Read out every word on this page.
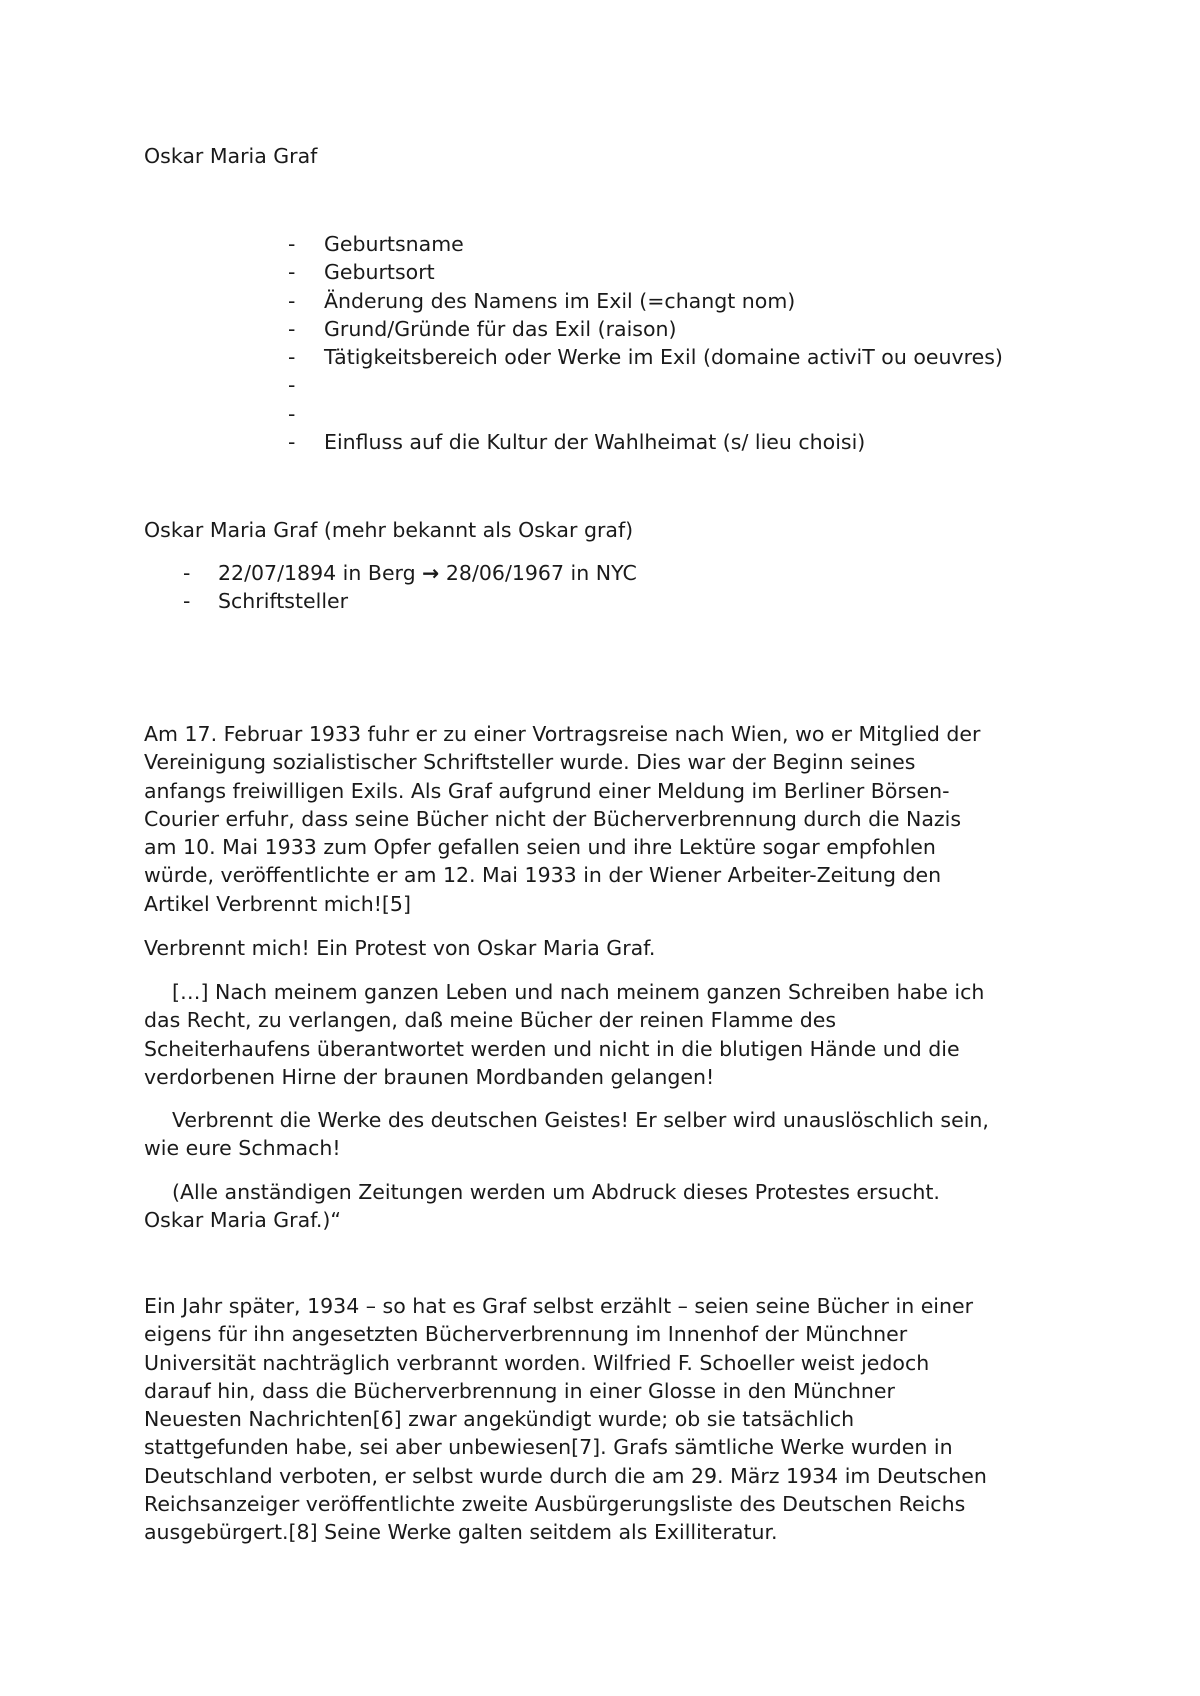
Oskar Maria Graf

- Geburtsname
- Geburtsort
- Änderung des Namens im Exil (=changt nom)
- Grund/Gründe für das Exil (raison)
- Tätigkeitsbereich oder Werke im Exil (domaine activiT ou oeuvres)
-
-
- Einfluss auf die Kultur der Wahlheimat (s/ lieu choisi)

Oskar Maria Graf (mehr bekannt als Oskar graf)

- 22/07/1894 in Berg → 28/06/1967 in NYC
- Schriftsteller

Am 17. Februar 1933 fuhr er zu einer Vortragsreise nach Wien, wo er Mitglied der
Vereinigung sozialistischer Schriftsteller wurde. Dies war der Beginn seines
anfangs freiwilligen Exils. Als Graf aufgrund einer Meldung im Berliner Börsen-
Courier erfuhr, dass seine Bücher nicht der Bücherverbrennung durch die Nazis
am 10. Mai 1933 zum Opfer gefallen seien und ihre Lektüre sogar empfohlen
würde, veröffentlichte er am 12. Mai 1933 in der Wiener Arbeiter-Zeitung den
Artikel Verbrennt mich![5]

Verbrennt mich! Ein Protest von Oskar Maria Graf.

[…] Nach meinem ganzen Leben und nach meinem ganzen Schreiben habe ich
das Recht, zu verlangen, daß meine Bücher der reinen Flamme des
Scheiterhaufens überantwortet werden und nicht in die blutigen Hände und die
verdorbenen Hirne der braunen Mordbanden gelangen!

Verbrennt die Werke des deutschen Geistes! Er selber wird unauslöschlich sein,
wie eure Schmach!

(Alle anständigen Zeitungen werden um Abdruck dieses Protestes ersucht.
Oskar Maria Graf.)“

Ein Jahr später, 1934 – so hat es Graf selbst erzählt – seien seine Bücher in einer
eigens für ihn angesetzten Bücherverbrennung im Innenhof der Münchner
Universität nachträglich verbrannt worden. Wilfried F. Schoeller weist jedoch
darauf hin, dass die Bücherverbrennung in einer Glosse in den Münchner
Neuesten Nachrichten[6] zwar angekündigt wurde; ob sie tatsächlich
stattgefunden habe, sei aber unbewiesen[7]. Grafs sämtliche Werke wurden in
Deutschland verboten, er selbst wurde durch die am 29. März 1934 im Deutschen
Reichsanzeiger veröffentlichte zweite Ausbürgerungsliste des Deutschen Reichs
ausgebürgert.[8] Seine Werke galten seitdem als Exilliteratur.
